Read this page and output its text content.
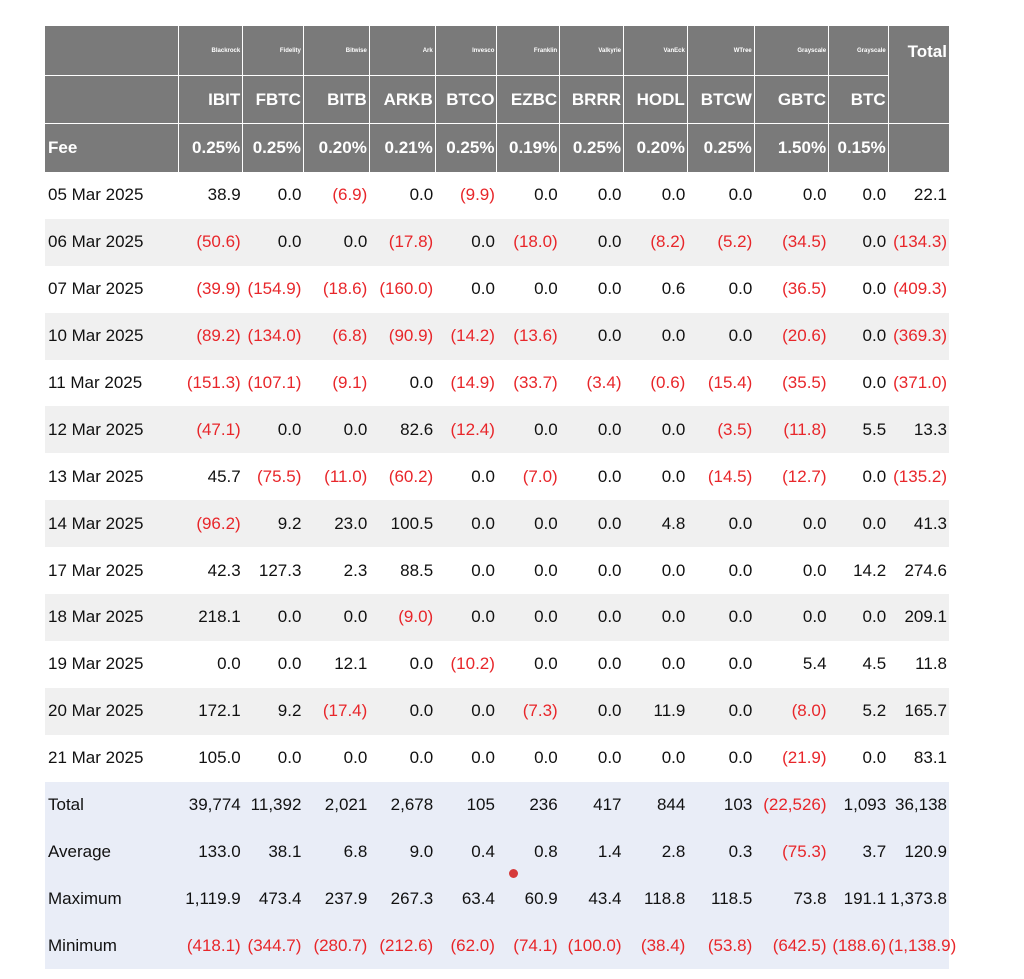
	Blackrock	Fidelity	Bitwise	Ark	Invesco	Franklin	Valkyrie	VanEck	WTree	Grayscale	Grayscale	Total
	IBIT	FBTC	BITB	ARKB	BTCO	EZBC	BRRR	HODL	BTCW	GBTC	BTC	
Fee	0.25%	0.25%	0.20%	0.21%	0.25%	0.19%	0.25%	0.20%	0.25%	1.50%	0.15%	
05 Mar 2025	38.9	0.0	(6.9)	0.0	(9.9)	0.0	0.0	0.0	0.0	0.0	0.0	22.1
06 Mar 2025	(50.6)	0.0	0.0	(17.8)	0.0	(18.0)	0.0	(8.2)	(5.2)	(34.5)	0.0	(134.3)
07 Mar 2025	(39.9)	(154.9)	(18.6)	(160.0)	0.0	0.0	0.0	0.6	0.0	(36.5)	0.0	(409.3)
10 Mar 2025	(89.2)	(134.0)	(6.8)	(90.9)	(14.2)	(13.6)	0.0	0.0	0.0	(20.6)	0.0	(369.3)
11 Mar 2025	(151.3)	(107.1)	(9.1)	0.0	(14.9)	(33.7)	(3.4)	(0.6)	(15.4)	(35.5)	0.0	(371.0)
12 Mar 2025	(47.1)	0.0	0.0	82.6	(12.4)	0.0	0.0	0.0	(3.5)	(11.8)	5.5	13.3
13 Mar 2025	45.7	(75.5)	(11.0)	(60.2)	0.0	(7.0)	0.0	0.0	(14.5)	(12.7)	0.0	(135.2)
14 Mar 2025	(96.2)	9.2	23.0	100.5	0.0	0.0	0.0	4.8	0.0	0.0	0.0	41.3
17 Mar 2025	42.3	127.3	2.3	88.5	0.0	0.0	0.0	0.0	0.0	0.0	14.2	274.6
18 Mar 2025	218.1	0.0	0.0	(9.0)	0.0	0.0	0.0	0.0	0.0	0.0	0.0	209.1
19 Mar 2025	0.0	0.0	12.1	0.0	(10.2)	0.0	0.0	0.0	0.0	5.4	4.5	11.8
20 Mar 2025	172.1	9.2	(17.4)	0.0	0.0	(7.3)	0.0	11.9	0.0	(8.0)	5.2	165.7
21 Mar 2025	105.0	0.0	0.0	0.0	0.0	0.0	0.0	0.0	0.0	(21.9)	0.0	83.1
Total	39,774	11,392	2,021	2,678	105	236	417	844	103	(22,526)	1,093	36,138
Average	133.0	38.1	6.8	9.0	0.4	0.8	1.4	2.8	0.3	(75.3)	3.7	120.9
Maximum	1,119.9	473.4	237.9	267.3	63.4	60.9	43.4	118.8	118.5	73.8	191.1	1,373.8
Minimum	(418.1)	(344.7)	(280.7)	(212.6)	(62.0)	(74.1)	(100.0)	(38.4)	(53.8)	(642.5)	(188.6)	(1,138.9)
